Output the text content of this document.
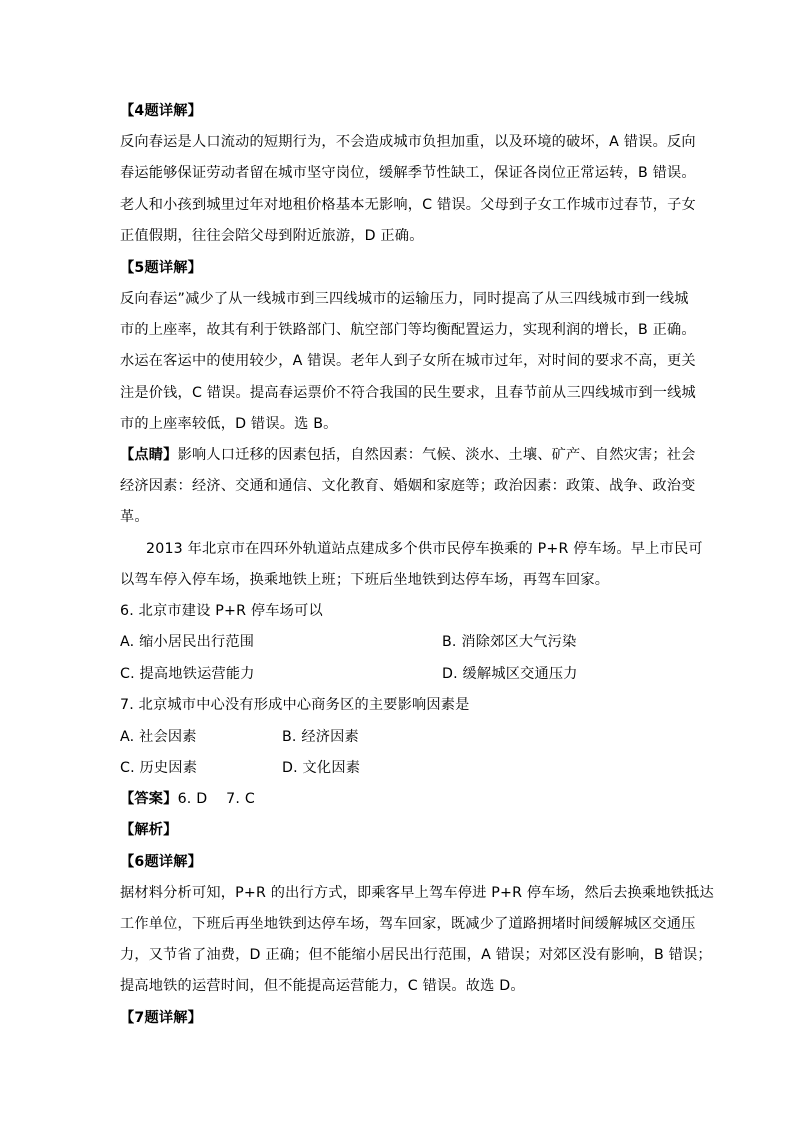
【4题详解】
反向春运是人口流动的短期行为，不会造成城市负担加重，以及环境的破坏，A 错误。反向
春运能够保证劳动者留在城市坚守岗位，缓解季节性缺工，保证各岗位正常运转，B 错误。
老人和小孩到城里过年对地租价格基本无影响，C 错误。父母到子女工作城市过春节，子女
正值假期，往往会陪父母到附近旅游，D 正确。
【5题详解】
反向春运”减少了从一线城市到三四线城市的运输压力，同时提高了从三四线城市到一线城
市的上座率，故其有利于铁路部门、航空部门等均衡配置运力，实现利润的增长，B 正确。
水运在客运中的使用较少，A 错误。老年人到子女所在城市过年，对时间的要求不高，更关
注是价钱，C 错误。提高春运票价不符合我国的民生要求，且春节前从三四线城市到一线城
市的上座率较低，D 错误。选 B。
【点睛】影响人口迁移的因素包括，自然因素：气候、淡水、土壤、矿产、自然灾害；社会
经济因素：经济、交通和通信、文化教育、婚姻和家庭等；政治因素：政策、战争、政治变
革。
2013 年北京市在四环外轨道站点建成多个供市民停车换乘的 P+R 停车场。早上市民可
以驾车停入停车场，换乘地铁上班；下班后坐地铁到达停车场，再驾车回家。
6. 北京市建设 P+R 停车场可以
A. 缩小居民出行范围	B. 消除郊区大气污染
C. 提高地铁运营能力	D. 缓解城区交通压力
7. 北京城市中心没有形成中心商务区的主要影响因素是
A. 社会因素	B. 经济因素
C. 历史因素	D. 文化因素
【答案】6. D    7. C
【解析】
【6题详解】
据材料分析可知，P+R 的出行方式，即乘客早上驾车停进 P+R 停车场，然后去换乘地铁抵达
工作单位，下班后再坐地铁到达停车场，驾车回家，既减少了道路拥堵时间缓解城区交通压
力，又节省了油费，D 正确；但不能缩小居民出行范围，A 错误；对郊区没有影响，B 错误；
提高地铁的运营时间，但不能提高运营能力，C 错误。故选 D。
【7题详解】
